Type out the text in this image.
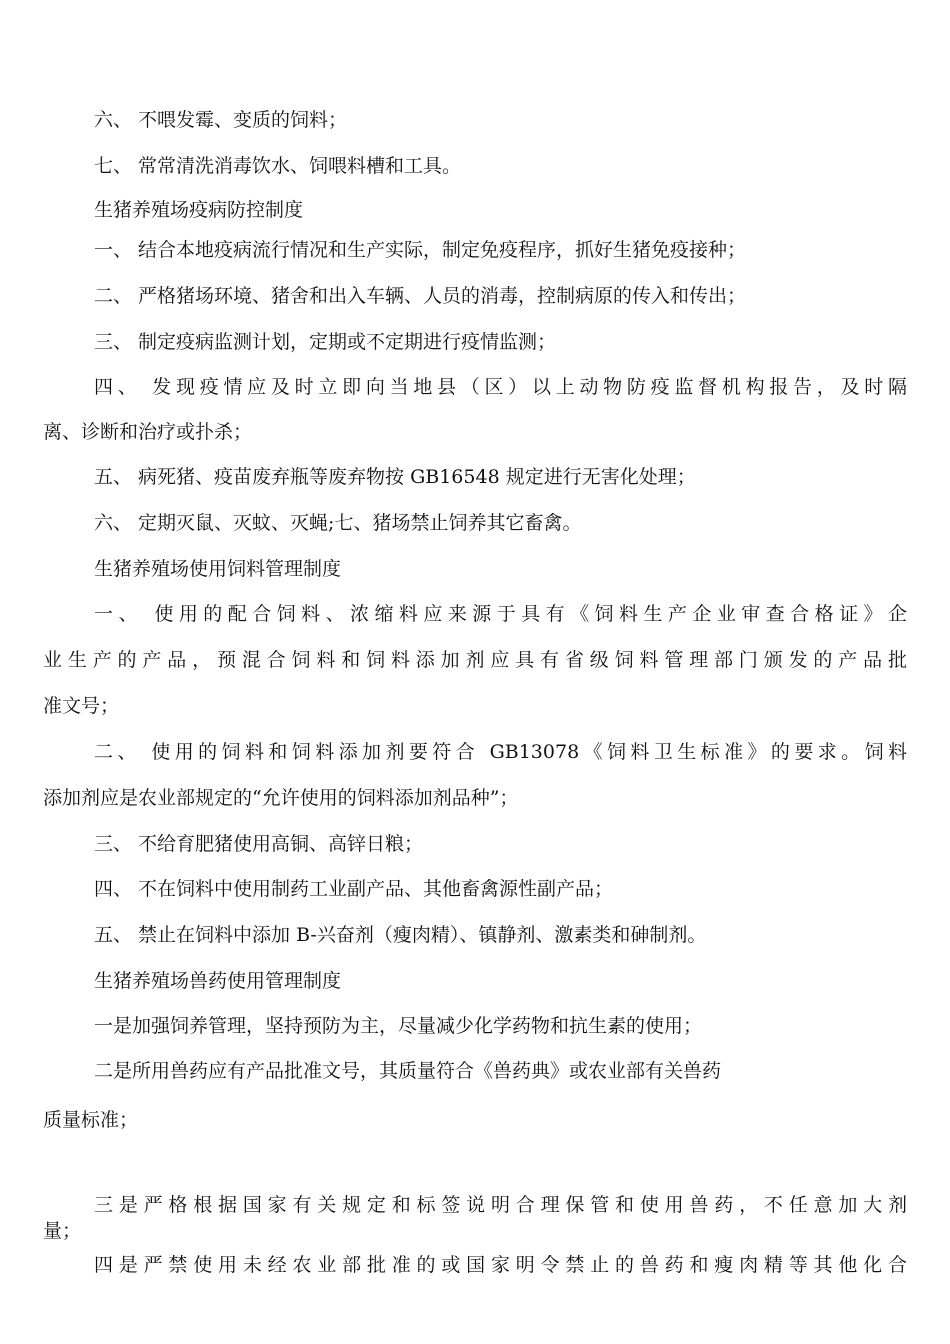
六、 不喂发霉、变质的饲料；
七、 常常清洗消毒饮水、饲喂料槽和工具。
生猪养殖场疫病防控制度
一、 结合本地疫病流行情况和生产实际，制定免疫程序，抓好生猪免疫接种；
二、 严格猪场环境、猪舍和出入车辆、人员的消毒，控制病原的传入和传出；
三、 制定疫病监测计划，定期或不定期进行疫情监测；
四、 发现疫情应及时立即向当地县（区）以上动物防疫监督机构报告，及时隔
离、诊断和治疗或扑杀；
五、 病死猪、疫苗废弃瓶等废弃物按 GB16548 规定进行无害化处理；
六、 定期灭鼠、灭蚊、灭蝇;七、猪场禁止饲养其它畜禽。
生猪养殖场使用饲料管理制度
一、 使用的配合饲料、浓缩料应来源于具有《饲料生产企业审查合格证》企
业生产的产品，预混合饲料和饲料添加剂应具有省级饲料管理部门颁发的产品批
准文号；
二、 使用的饲料和饲料添加剂要符合 GB13078《饲料卫生标准》的要求。饲料
添加剂应是农业部规定的“允许使用的饲料添加剂品种”；
三、 不给育肥猪使用高铜、高锌日粮；
四、 不在饲料中使用制药工业副产品、其他畜禽源性副产品；
五、 禁止在饲料中添加 B-兴奋剂（瘦肉精）、镇静剂、激素类和砷制剂。
生猪养殖场兽药使用管理制度
一是加强饲养管理，坚持预防为主，尽量减少化学药物和抗生素的使用；
二是所用兽药应有产品批准文号，其质量符合《兽药典》或农业部有关兽药
质量标准；
三是严格根据国家有关规定和标签说明合理保管和使用兽药，不任意加大剂
量；
四是严禁使用未经农业部批准的或国家明令禁止的兽药和瘦肉精等其他化合
